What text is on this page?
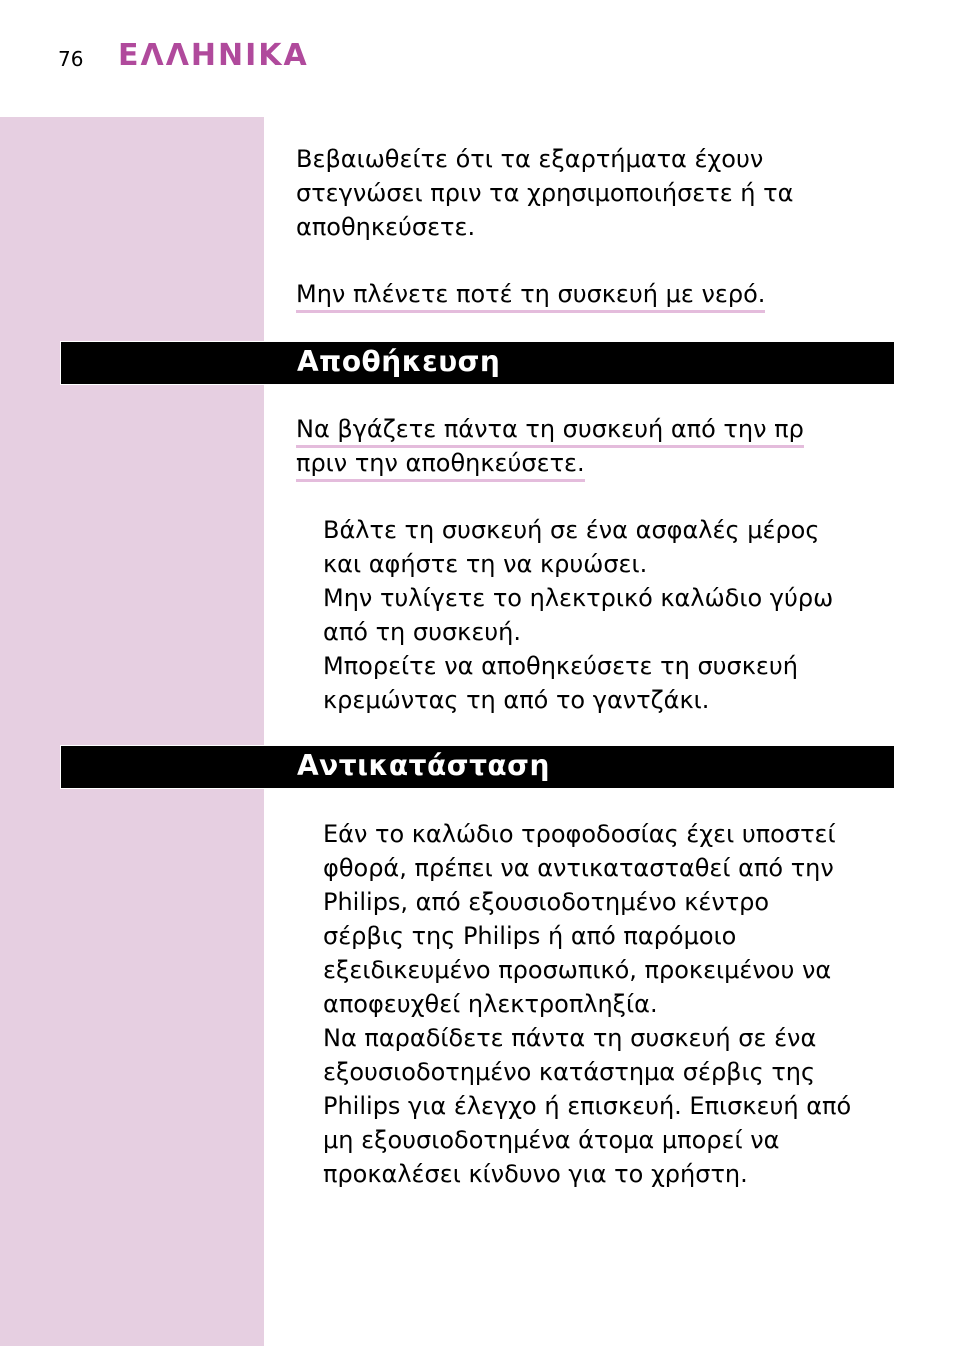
76 ΕΛΛΗΝΙΚΑ
Βεβαιωθείτε ότι τα εξαρτήματα έχουν
στεγνώσει πριν τα χρησιμοποιήσετε ή τα
αποθηκεύσετε.
Μην πλένετε ποτέ τη συσκευή με νερό.
Αποθήκευση
Να βγάζετε πάντα τη συσκευή από την πρ
πριν την αποθηκεύσετε.
Βάλτε τη συσκευή σε ένα ασφαλές μέρος
και αφήστε τη να κρυώσει.
Μην τυλίγετε το ηλεκτρικό καλώδιο γύρω
από τη συσκευή.
Μπορείτε να αποθηκεύσετε τη συσκευή
κρεμώντας τη από το γαντζάκι.
Αντικατάσταση
Εάν το καλώδιο τροφοδοσίας έχει υποστεί
φθορά, πρέπει να αντικατασταθεί από την
Philips, από εξουσιοδοτημένο κέντρο
σέρβις της Philips ή από παρόμοιο
εξειδικευμένο προσωπικό, προκειμένου να
αποφευχθεί ηλεκτροπληξία.
Να παραδίδετε πάντα τη συσκευή σε ένα
εξουσιοδοτημένο κατάστημα σέρβις της
Philips για έλεγχο ή επισκευή. Επισκευή από
μη εξουσιοδοτημένα άτομα μπορεί να
προκαλέσει κίνδυνο για το χρήστη.
